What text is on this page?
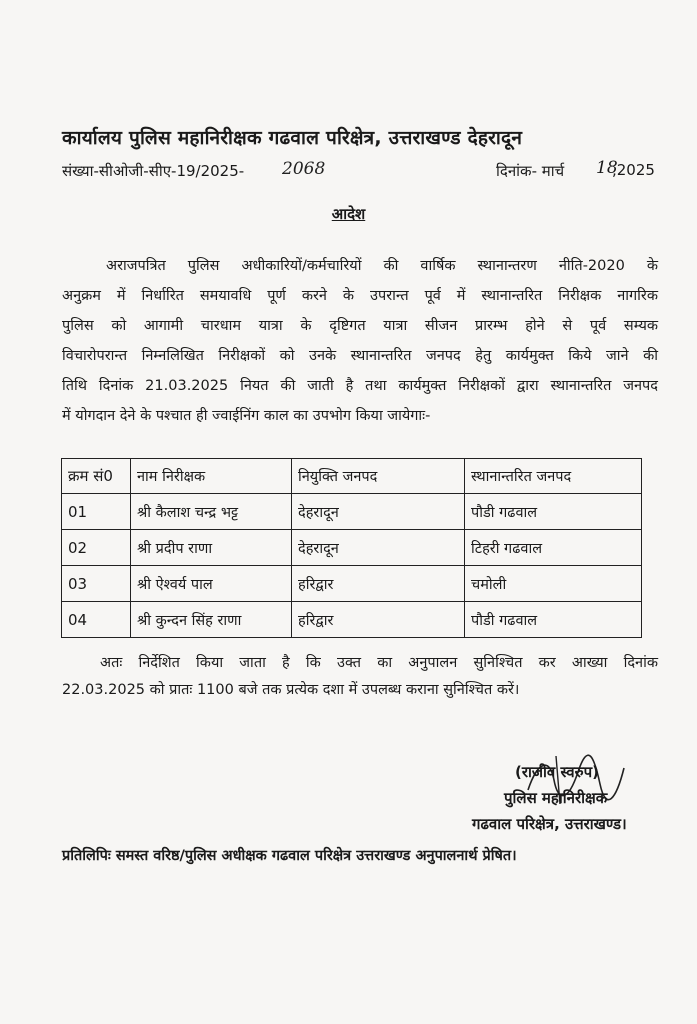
कार्यालय पुलिस महानिरीक्षक गढवाल परिक्षेत्र, उत्तराखण्ड देहरादून
संख्या-सीओजी-सीए-19/2025- 2068	दिनांक- मार्च 18
,2025
आदेश
अराजपत्रित पुलिस अधीकारियों/कर्मचारियों की वार्षिक स्थानान्तरण नीति-2020 के
अनुक्रम में निर्धारित समयावधि पूर्ण करने के उपरान्त पूर्व में स्थानान्तरित निरीक्षक नागरिक
पुलिस को आगामी चारधाम यात्रा के दृष्टिगत यात्रा सीजन प्रारम्भ होने से पूर्व सम्यक
विचारोपरान्त निम्नलिखित निरीक्षकों को उनके स्थानान्तरित जनपद हेतु कार्यमुक्त किये जाने की
तिथि दिनांक 21.03.2025 नियत की जाती है तथा कार्यमुक्त निरीक्षकों द्वारा स्थानान्तरित जनपद
में योगदान देने के पश्चात ही ज्वाईनिंग काल का उपभोग किया जायेगाः-
क्रम सं0	नाम निरीक्षक	नियुक्ति जनपद	स्थानान्तरित जनपद
01	श्री कैलाश चन्द्र भट्ट	देहरादून	पौडी गढवाल
02	श्री प्रदीप राणा	देहरादून	टिहरी गढवाल
03	श्री ऐश्वर्य पाल	हरिद्वार	चमोली
04	श्री कुन्दन सिंह राणा	हरिद्वार	पौडी गढवाल
अतः निर्देशित किया जाता है कि उक्त का अनुपालन सुनिश्चित कर आख्या दिनांक
22.03.2025 को प्रातः 1100 बजे तक प्रत्येक दशा में उपलब्ध कराना सुनिश्चित करें।
(राजीव स्वरुप)
पुलिस महानिरीक्षक
गढवाल परिक्षेत्र, उत्तराखण्ड।
प्रतिलिपिः समस्त वरिष्ठ/पुलिस अधीक्षक गढवाल परिक्षेत्र उत्तराखण्ड अनुपालनार्थ प्रेषित।
